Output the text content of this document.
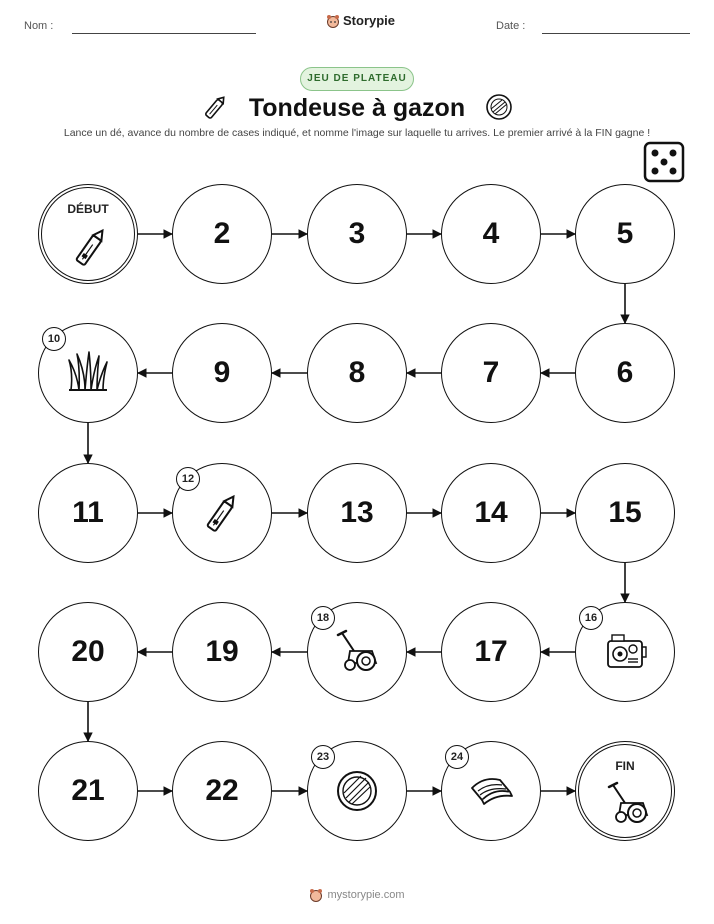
Nom :	Storypie	Date :
JEU DE PLATEAU
Tondeuse à gazon
Lance un dé, avance du nombre de cases indiqué, et nomme l'image sur laquelle tu arrives. Le premier arrivé à la FIN gagne !
DÉBUT
2	3	4	5
6
7
8
9
10
11
12
13	14	15
16
17
18
19
20
21	22
23	24
FIN
mystorypie.com
